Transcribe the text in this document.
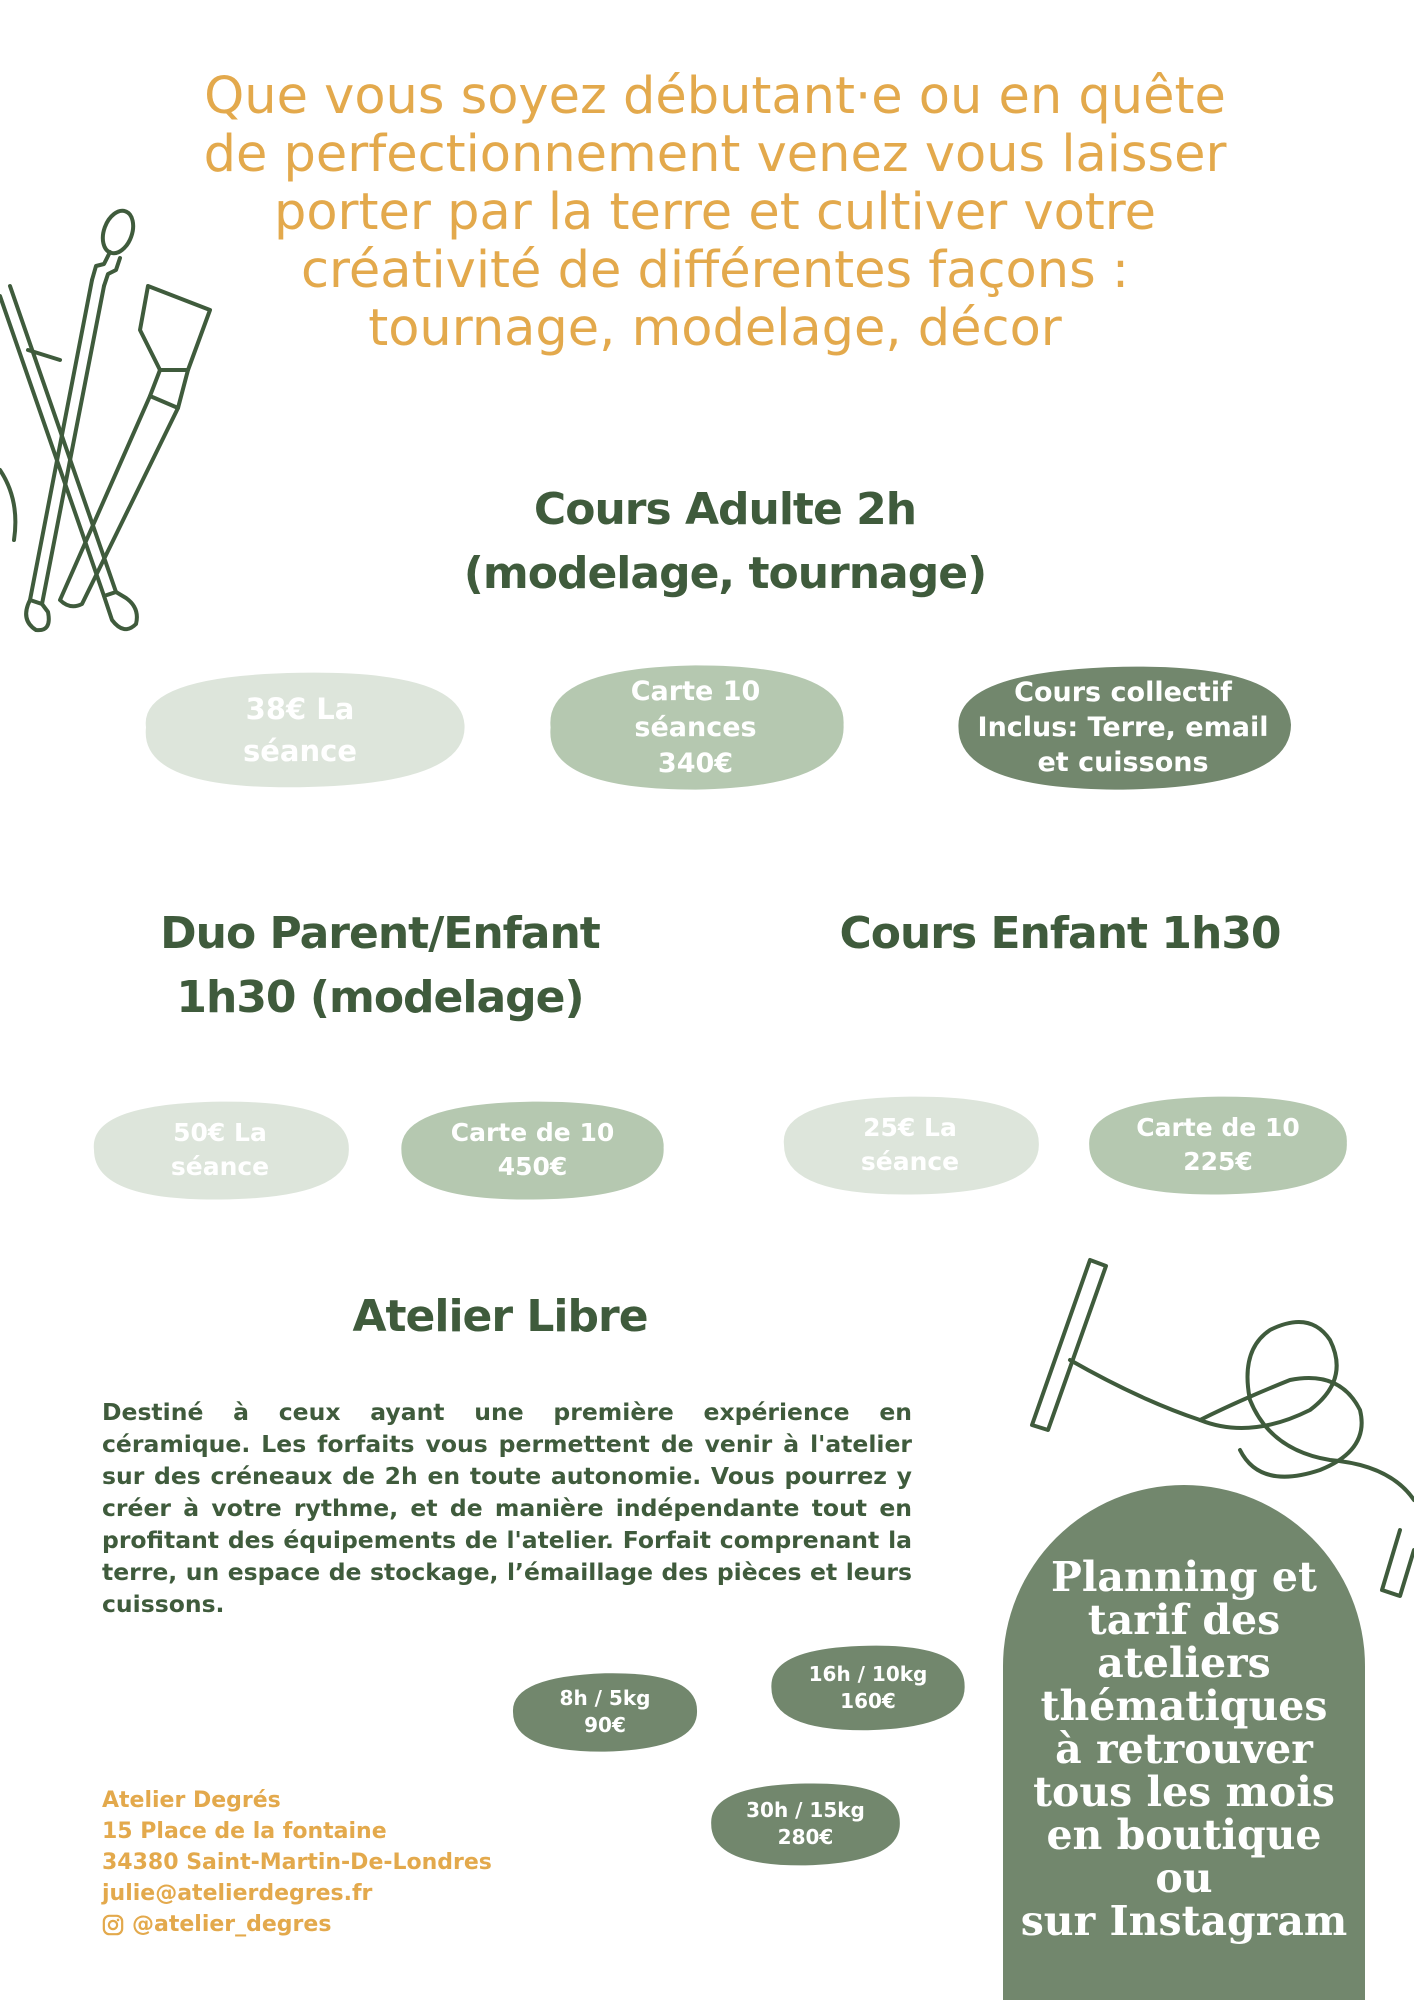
Que vous soyez débutant·e ou en quête de perfectionnement venez vous laisser porter par la terre et cultiver votre créativité de différentes façons : tournage, modelage, décor

Cours Adulte 2h
(modelage, tournage)
38€ La
séance
Carte 10
séances
340€
Cours collectif
Inclus: Terre, email
et cuissons
Duo Parent/Enfant
1h30 (modelage)
Cours Enfant 1h30
50€ La
séance
Carte de 10
450€
25€ La
séance
Carte de 10
225€
Atelier Libre

Destiné à ceux ayant une première expérience en céramique. Les forfaits vous permettent de venir à l'atelier sur des créneaux de 2h en toute autonomie. Vous pourrez y créer à votre rythme, et de manière indépendante tout en profitant des équipements de l'atelier. Forfait comprenant la terre, un espace de stockage, l’émaillage des pièces et leurs cuissons.

8h / 5kg
90€
16h / 10kg
160€
30h / 15kg
280€
Atelier Degrés
15 Place de la fontaine
34380 Saint-Martin-De-Londres
julie@atelierdegres.fr
@atelier_degres
Planning et
tarif des
ateliers
thématiques
à retrouver
tous les mois
en boutique
ou
sur Instagram
